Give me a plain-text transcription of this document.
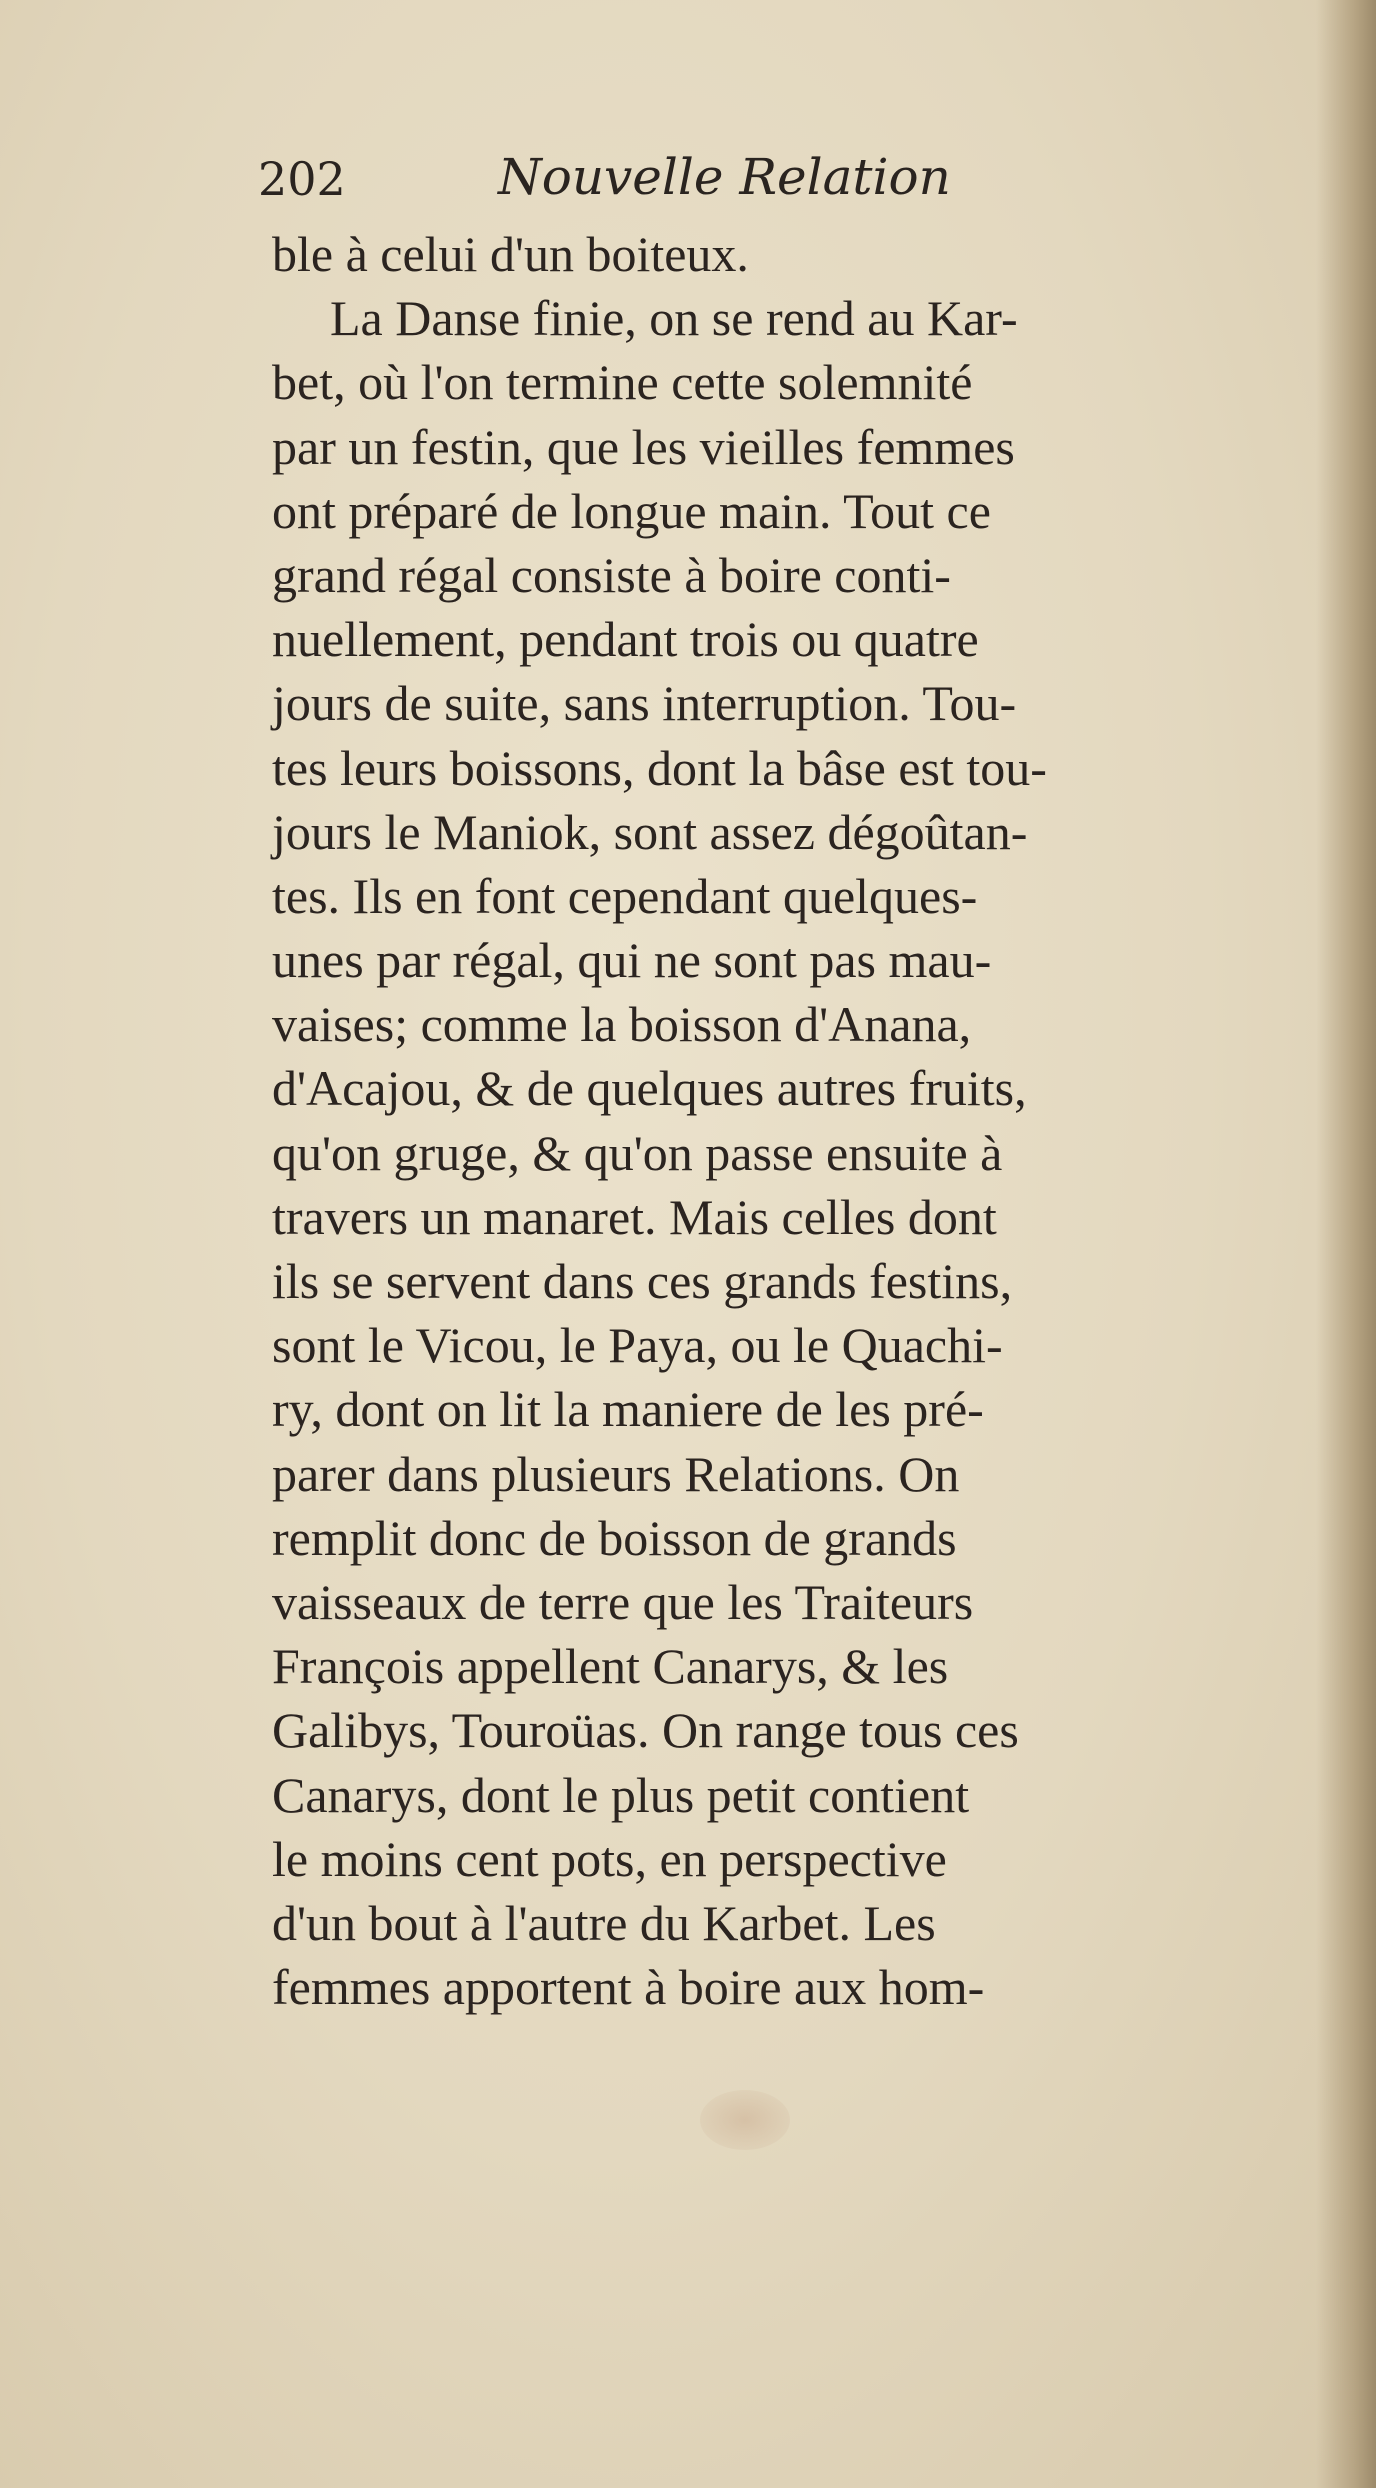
202	Nouvelle Relation
ble à celui d'un boiteux.
La Danse finie, on se rend au Kar-
bet, où l'on termine cette solemnité
par un festin, que les vieilles femmes
ont préparé de longue main. Tout ce
grand régal consiste à boire conti-
nuellement, pendant trois ou quatre
jours de suite, sans interruption. Tou-
tes leurs boissons, dont la bâse est tou-
jours le Maniok, sont assez dégoûtan-
tes. Ils en font cependant quelques-
unes par régal, qui ne sont pas mau-
vaises; comme la boisson d'Anana,
d'Acajou, & de quelques autres fruits,
qu'on gruge, & qu'on passe ensuite à
travers un manaret. Mais celles dont
ils se servent dans ces grands festins,
sont le Vicou, le Paya, ou le Quachi-
ry, dont on lit la maniere de les pré-
parer dans plusieurs Relations. On
remplit donc de boisson de grands
vaisseaux de terre que les Traiteurs
François appellent Canarys, & les
Galibys, Touroüas. On range tous ces
Canarys, dont le plus petit contient
le moins cent pots, en perspective
d'un bout à l'autre du Karbet. Les
femmes apportent à boire aux hom-
